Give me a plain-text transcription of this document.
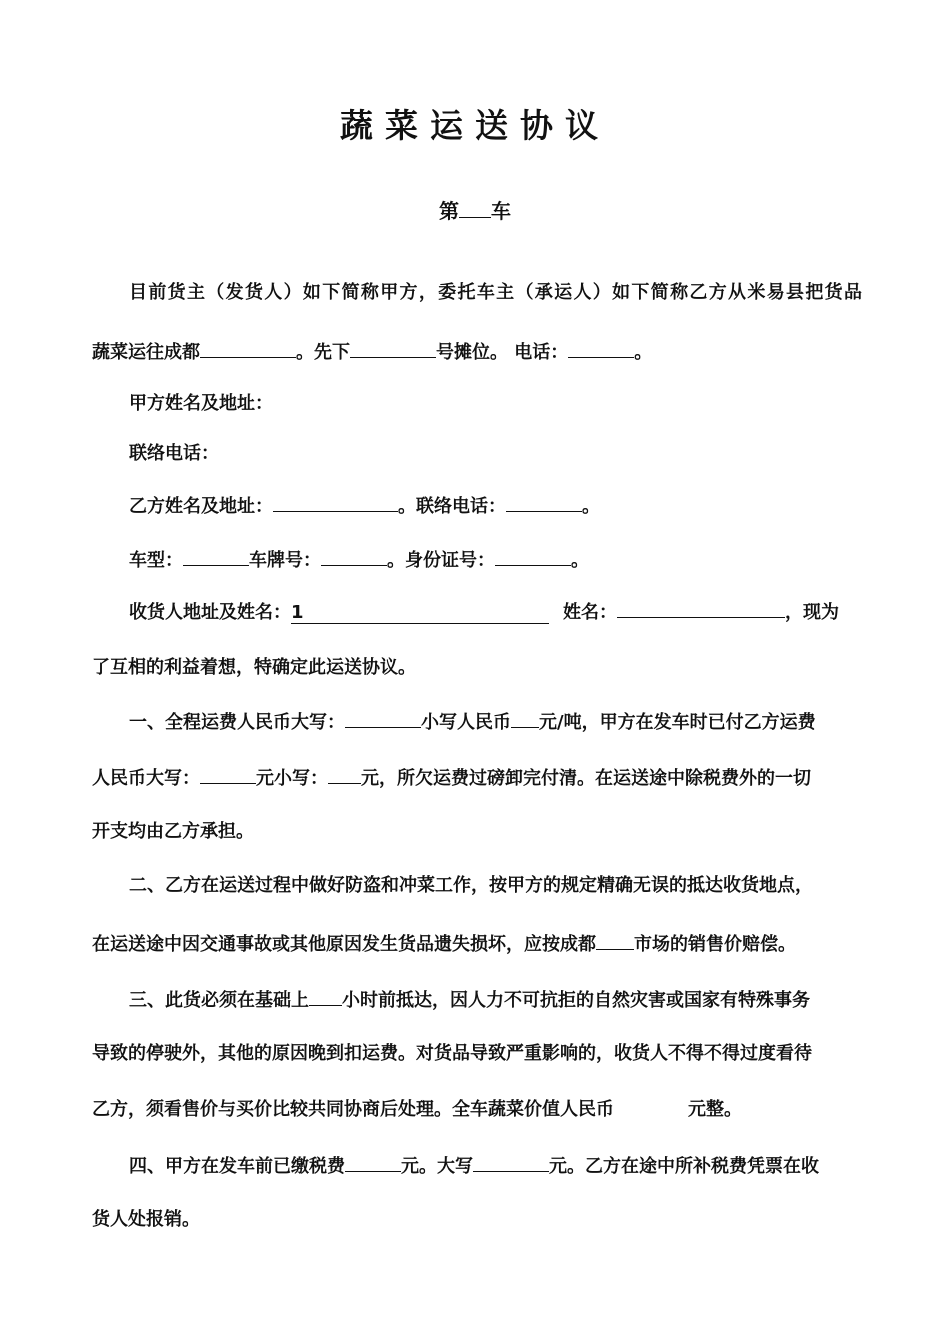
蔬菜运送协议
第 车
目前货主（发货人）如下简称甲方，委托车主（承运人）如下简称乙方从米易县把货品
蔬菜运往成都	。先下	号摊位。 电话：	。
甲方姓名及地址：
联络电话：
乙方姓名及地址：	。联络电话：	。
车型：	车牌号：	。身份证号：	。
收货人地址及姓名：1	姓名：	，现为
了互相的利益着想，特确定此运送协议。
一、全程运费人民币大写：	小写人民币 元/吨，甲方在发车时已付乙方运费
人民币大写：	元小写： 元，所欠运费过磅卸完付清。在运送途中除税费外的一切
开支均由乙方承担。
二、乙方在运送过程中做好防盗和冲菜工作，按甲方的规定精确无误的抵达收货地点，
在运送途中因交通事故或其他原因发生货品遗失损坏，应按成都 市场的销售价赔偿。
三、此货必须在基础上 小时前抵达，因人力不可抗拒的自然灾害或国家有特殊事务
导致的停驶外，其他的原因晚到扣运费。对货品导致严重影响的，收货人不得不得过度看待
乙方，须看售价与买价比较共同协商后处理。全车蔬菜价值人民币	元整。
四、甲方在发车前已缴税费	元。大写	元。乙方在途中所补税费凭票在收
货人处报销。
